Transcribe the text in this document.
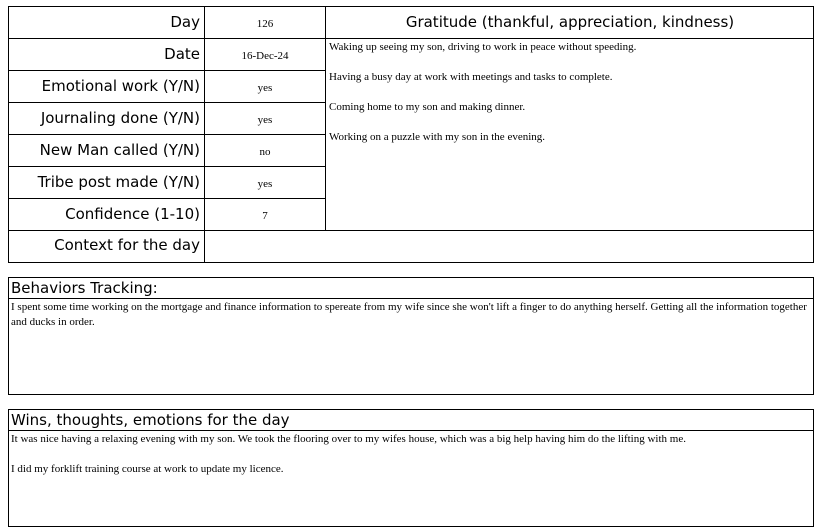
Day	126
Date	16-Dec-24
Emotional work (Y/N)	yes
Journaling done (Y/N)	yes
New Man called (Y/N)	no
Tribe post made (Y/N)	yes
Confidence (1-10)	7
Gratitude (thankful, appreciation, kindness)
Waking up seeing my son, driving to work in peace without speeding.
Having a busy day at work with meetings and tasks to complete.
Coming home to my son and making dinner.
Working on a puzzle with my son in the evening.
Context for the day
Behaviors Tracking:
I spent some time working on the mortgage and finance information to spereate from my wife since she won't lift a finger to do anything herself. Getting all the information together and ducks in order.
Wins, thoughts, emotions for the day

It was nice having a relaxing evening with my son. We took the flooring over to my wifes house, which was a big help having him do the lifting with me.

I did my forklift training course at work to update my licence.
